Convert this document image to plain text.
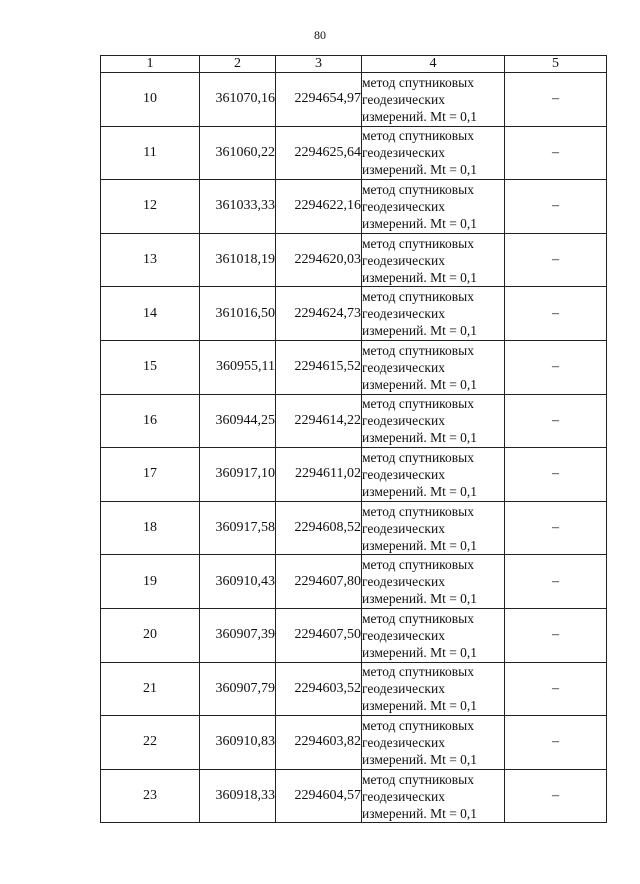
80
1	2	3	4	5
10	361070,16	2294654,97	метод спутниковых
геодезических
измерений. Mt = 0,1	–
11	361060,22	2294625,64	метод спутниковых
геодезических
измерений. Mt = 0,1	–
12	361033,33	2294622,16	метод спутниковых
геодезических
измерений. Mt = 0,1	–
13	361018,19	2294620,03	метод спутниковых
геодезических
измерений. Mt = 0,1	–
14	361016,50	2294624,73	метод спутниковых
геодезических
измерений. Mt = 0,1	–
15	360955,11	2294615,52	метод спутниковых
геодезических
измерений. Mt = 0,1	–
16	360944,25	2294614,22	метод спутниковых
геодезических
измерений. Mt = 0,1	–
17	360917,10	2294611,02	метод спутниковых
геодезических
измерений. Mt = 0,1	–
18	360917,58	2294608,52	метод спутниковых
геодезических
измерений. Mt = 0,1	–
19	360910,43	2294607,80	метод спутниковых
геодезических
измерений. Mt = 0,1	–
20	360907,39	2294607,50	метод спутниковых
геодезических
измерений. Mt = 0,1	–
21	360907,79	2294603,52	метод спутниковых
геодезических
измерений. Mt = 0,1	–
22	360910,83	2294603,82	метод спутниковых
геодезических
измерений. Mt = 0,1	–
23	360918,33	2294604,57	метод спутниковых
геодезических
измерений. Mt = 0,1	–
